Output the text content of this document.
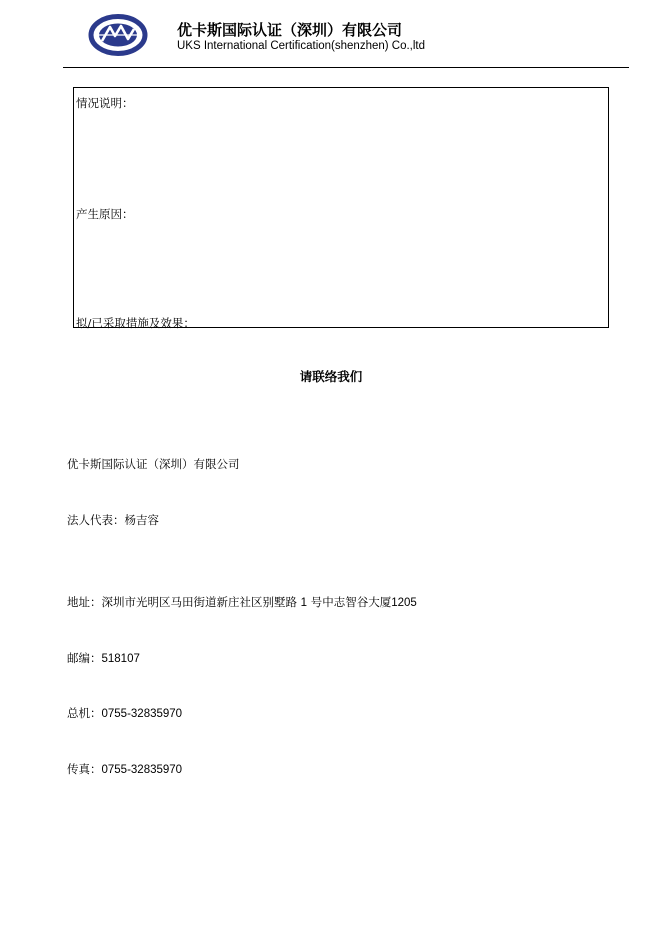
优卡斯国际认证（深圳）有限公司
UKS International Certification(shenzhen) Co.,ltd
情况说明：
产生原因：
拟/已采取措施及效果：
请联络我们
优卡斯国际认证（深圳）有限公司
法人代表：杨吉容
地址：深圳市光明区马田街道新庄社区别墅路 1 号中志智谷大厦1205
邮编：518107
总机：0755-32835970
传真：0755-32835970
